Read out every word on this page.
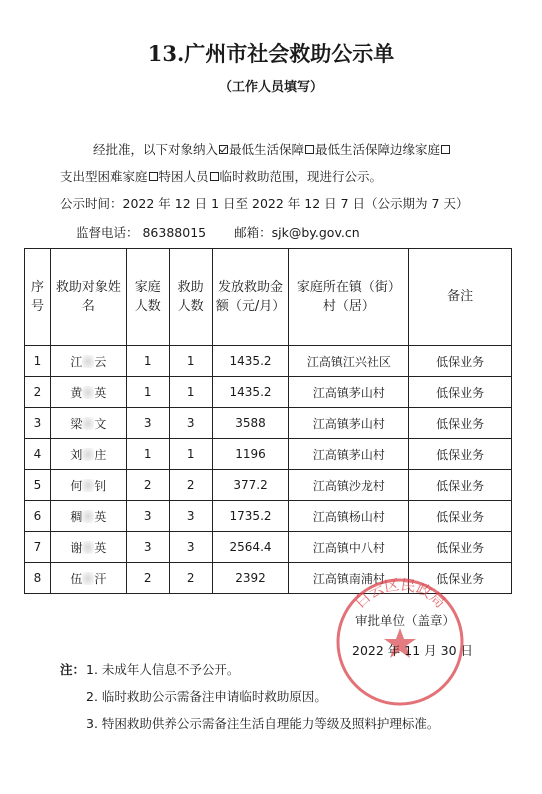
13.广州市社会救助公示单
（工作人员填写）
经批准，以下对象纳入 最低生活保障 最低生活保障边缘家庭
支出型困难家庭 特困人员 临时救助范围，现进行公示。
公示时间：2022 年 12 日 1 日至 2022 年 12 日 7 日（公示期为 7 天）
监督电话： 86388015 邮箱：sjk@by.gov.cn
序号	救助对象姓名	家庭人数	救助人数	发放救助金额（元/月）	家庭所在镇（街）村（居）	备注
1	江 云	1	1	1435.2	江高镇江兴社区	低保业务
2	黄 英	1	1	1435.2	江高镇茅山村	低保业务
3	梁 文	3	3	3588	江高镇茅山村	低保业务
4	刘 庄	1	1	1196	江高镇茅山村	低保业务
5	何 钊	2	2	377.2	江高镇沙龙村	低保业务
6	稠 英	3	3	1735.2	江高镇杨山村	低保业务
7	谢 英	3	3	2564.4	江高镇中八村	低保业务
8	伍 汗	2	2	2392	江高镇南浦村	低保业务
白云区民政局
审批单位（盖章）
2022 年 11 月 30 日
注： 1. 未成年人信息不予公开。
2. 临时救助公示需备注申请临时救助原因。
3. 特困救助供养公示需备注生活自理能力等级及照料护理标准。
